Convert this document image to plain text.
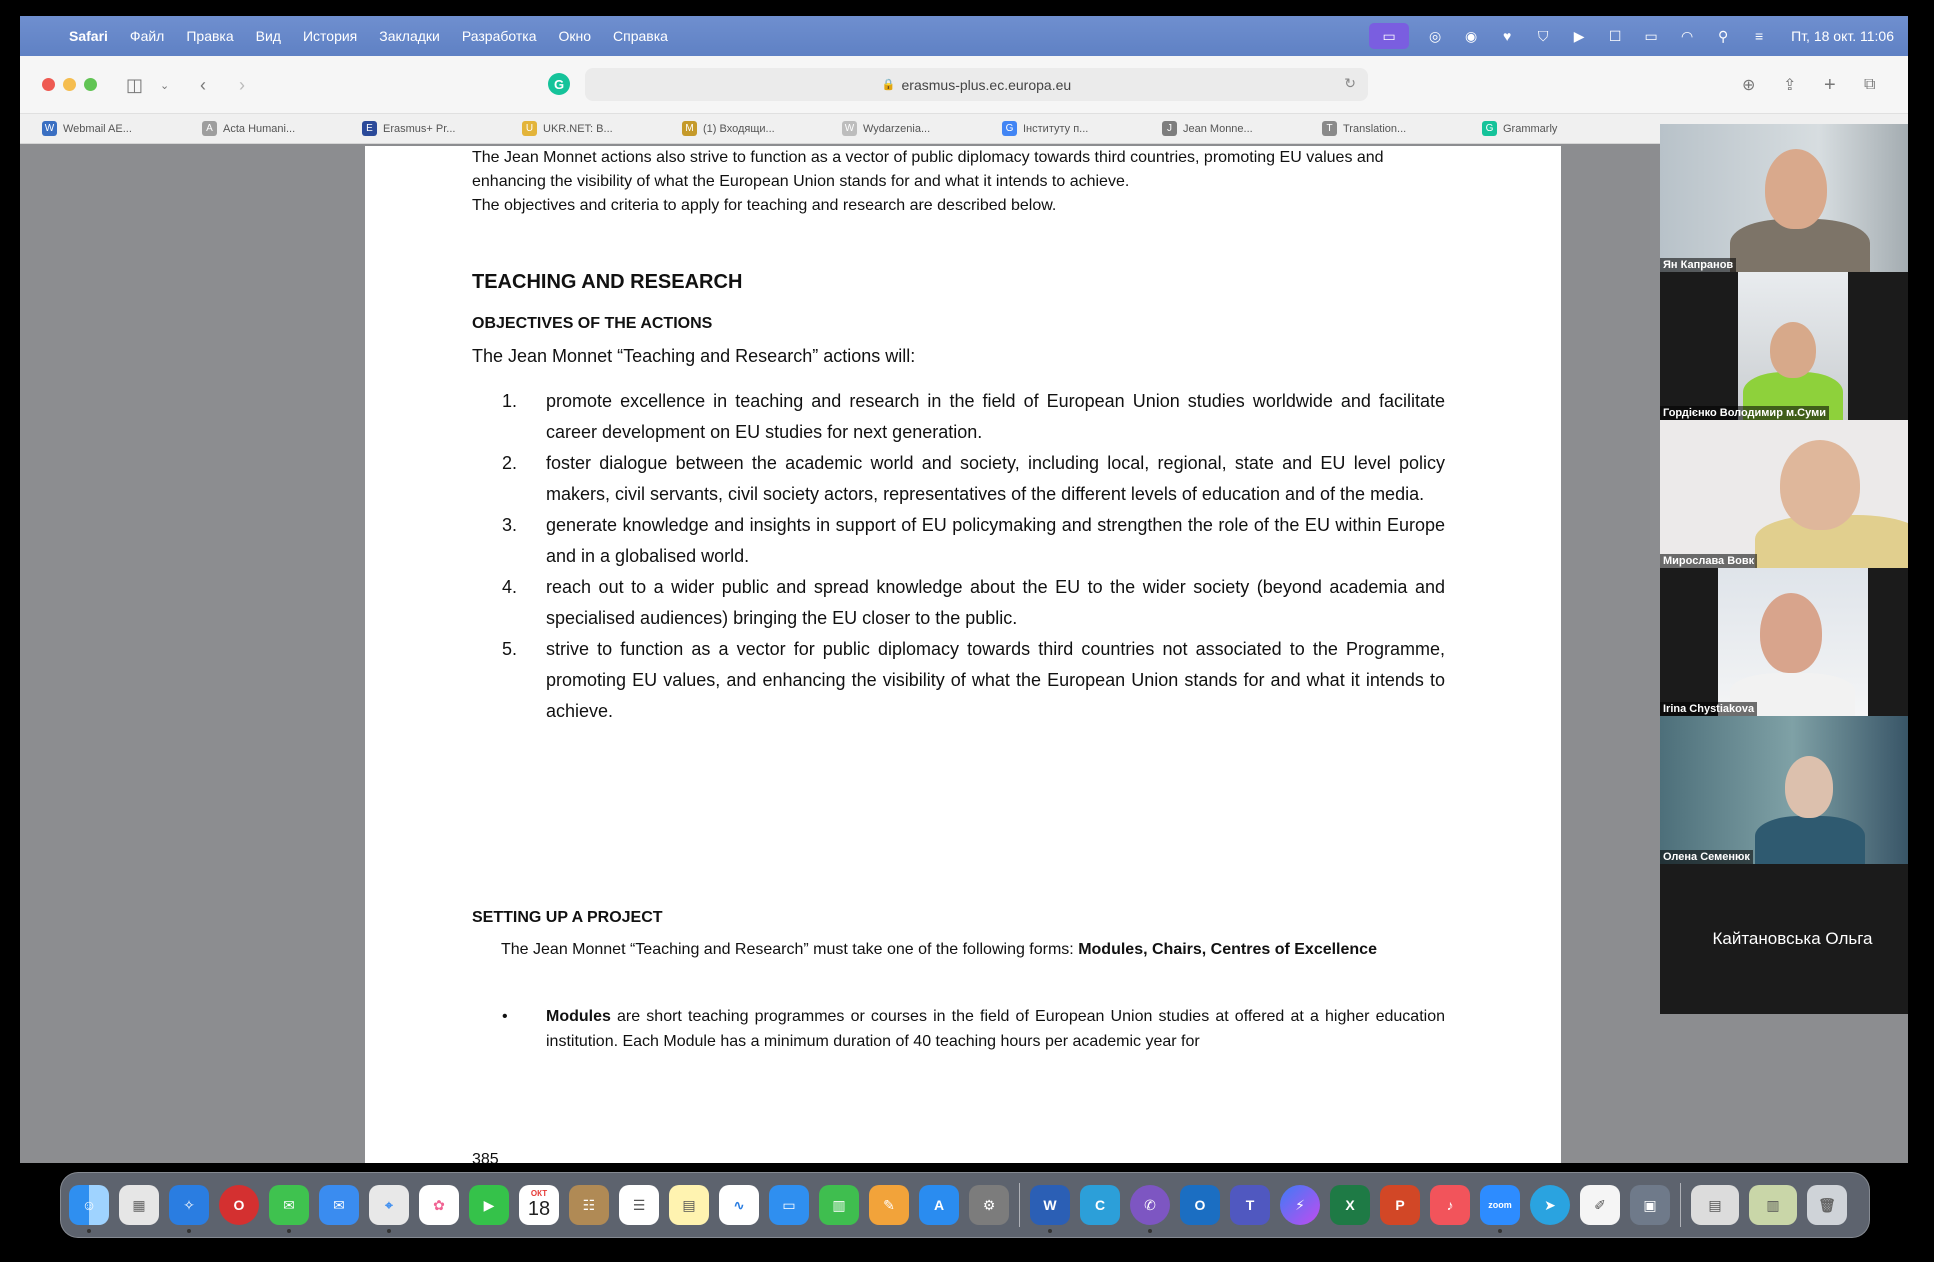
Safari	Файл	Правка	Вид	История	Закладки	Разработка	Окно	Справка	▭	◎ ◉	♥	⛉	▶	☐ ▭ ◠	⚲	≡	Пт, 18 окт. 11:06
◫ ⌄ ‹ ›	G	🔒 erasmus-plus.ec.europa.eu	↻	⊕ ⇪ + ⧉
W Webmail AE...	A Acta Humani...	E Erasmus+ Pr...	U UKR.NET: B...	M (1) Входящи...	W Wydarzenia...	G Інституту п...	J	Jean Monne...	T Translation...	G Grammarly
The Jean Monnet actions also strive to function as a vector of public diplomacy towards third countries, promoting EU values and enhancing the visibility of what the European Union stands for and what it intends to achieve.
The objectives and criteria to apply for teaching and research are described below.
TEACHING AND RESEARCH
OBJECTIVES OF THE ACTIONS
The Jean Monnet “Teaching and Research” actions will:
1.	promote excellence in teaching and research in the field of European Union studies worldwide and facilitate career development on EU studies for next generation.
2.	foster dialogue between the academic world and society, including local, regional, state and EU level policy makers, civil servants, civil society actors, representatives of the different levels of education and of the media.
3.	generate knowledge and insights in support of EU policymaking and strengthen the role of the EU within Europe and in a globalised world.
4.	reach out to a wider public and spread knowledge about the EU to the wider society (beyond academia and specialised audiences) bringing the EU closer to the public.
5.	strive to function as a vector for public diplomacy towards third countries not associated to the Programme, promoting EU values, and enhancing the visibility of what the European Union stands for and what it intends to achieve.
SETTING UP A PROJECT
The Jean Monnet “Teaching and Research” must take one of the following forms: Modules, Chairs, Centres of Excellence
•	Modules are short teaching programmes or courses in the field of European Union studies at offered at a higher education institution. Each Module has a minimum duration of 40 teaching hours per academic year for
385
Ян Капранов
Гордієнко Володимир м.Суми
Мирослава Вовк
Irina Chystiakova
Олена Семенюк
Кайтановська Ольга
☺	▦	✧	O	✉	✉	⌖	✿	▶
ОКТ
18	☷	☰	▤	∿	▭	▥	✎	A	⚙	W	C	✆	O	T	⚡	X	P	♪	zoom	➤	✐	▣	▤	▥	🗑
